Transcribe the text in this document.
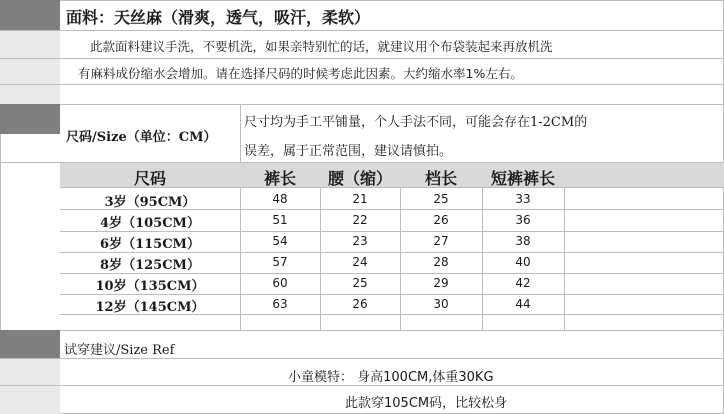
面料：天丝麻（滑爽，透气，吸汗，柔软）
此款面料建议手洗，不要机洗，如果亲特别忙的话，就建议用个布袋装起来再放机洗
有麻料成份缩水会增加。请在选择尺码的时候考虑此因素。大约缩水率1%左右。
尺码/Size（单位：CM）
尺寸均为手工平铺量，个人手法不同，可能会存在1-2CM的
误差，属于正常范围，建议请慎拍。
尺码	裤长	腰（缩）	档长	短裤裤长
3岁（95CM）	48	21	25	33
4岁（105CM）	51	22	26	36
6岁（115CM）	54	23	27	38
8岁（125CM）	57	24	28	40
10岁（135CM）	60	25	29	42
12岁（145CM）	63	26	30	44
试穿建议/Size Ref
小童模特： 身高100CM,体重30KG
此款穿105CM码，比较松身
